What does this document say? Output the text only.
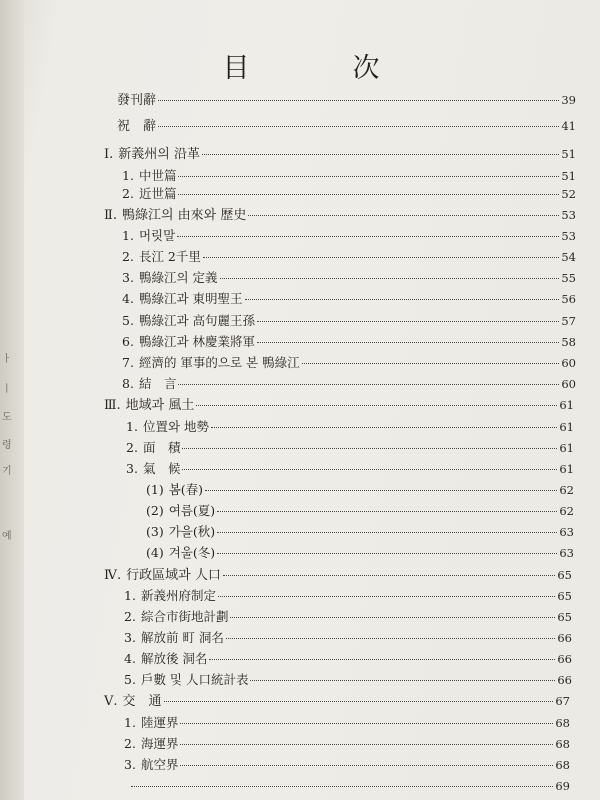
ㅏ
ㅣ
도
령
기
예
目　次
發刊辭	39
祝　辭	41
Ⅰ. 新義州의 沿革	51
1. 中世篇	51
2. 近世篇	52
Ⅱ. 鴨綠江의 由來와 歷史	53
1. 머릿말	53
2. 長江 2千里	54
3. 鴨綠江의 定義	55
4. 鴨綠江과 東明聖王	56
5. 鴨綠江과 高句麗王孫	57
6. 鴨綠江과 林慶業將軍	58
7. 經濟的 軍事的으로 본 鴨綠江	60
8. 結　言	60
Ⅲ. 地域과 風土	61
1. 位置와 地勢	61
2. 面　積	61
3. 氣　候	61
(1) 봄(春)	62
(2) 여름(夏)	62
(3) 가을(秋)	63
(4) 겨울(冬)	63
Ⅳ. 行政區域과 人口	65
1. 新義州府制定	65
2. 綜合市街地計劃	65
3. 解放前 町 洞名	66
4. 解放後 洞名	66
5. 戶數 및 人口統計表	66
Ⅴ. 交　通	67
1. 陸運界	68
2. 海運界	68
3. 航空界	68
69
